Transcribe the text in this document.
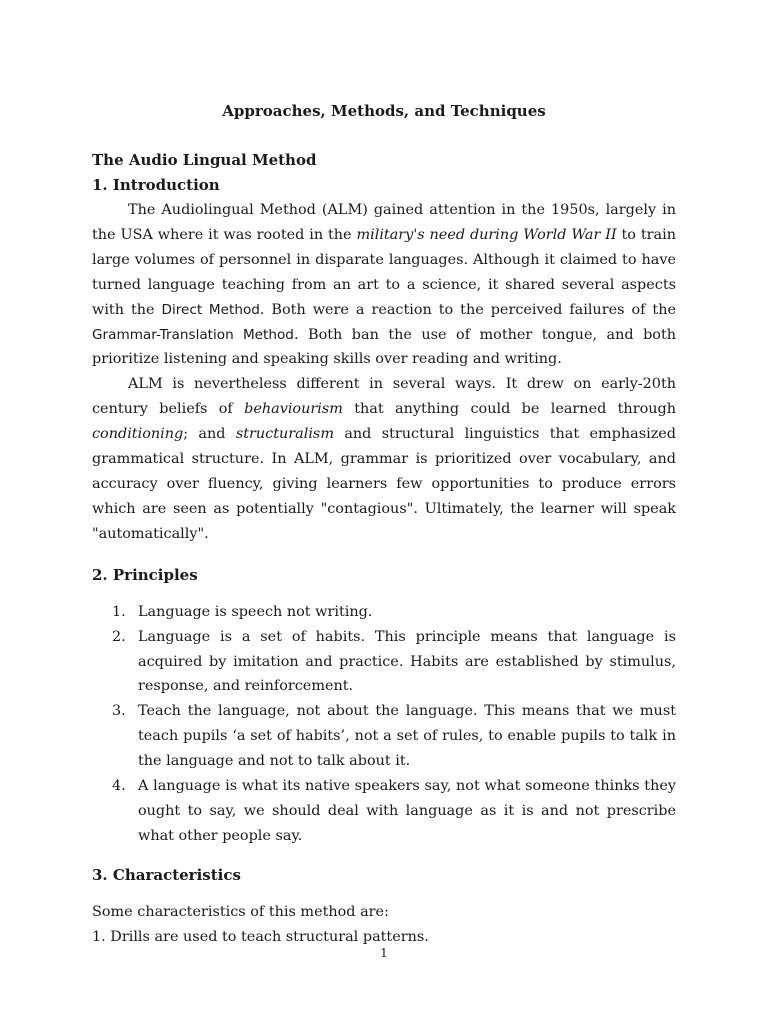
Approaches, Methods, and Techniques

The Audio Lingual Method

1. Introduction

The Audiolingual Method (ALM) gained attention in the 1950s, largely in the USA where it was rooted in the military's need during World War II to train large volumes of personnel in disparate languages. Although it claimed to have turned language teaching from an art to a science, it shared several aspects with the Direct Method. Both were a reaction to the perceived failures of the Grammar-Translation Method. Both ban the use of mother tongue, and both prioritize listening and speaking skills over reading and writing.

ALM is nevertheless different in several ways. It drew on early-20th century beliefs of behaviourism that anything could be learned through conditioning; and structuralism and structural linguistics that emphasized grammatical structure. In ALM, grammar is prioritized over vocabulary, and accuracy over fluency, giving learners few opportunities to produce errors which are seen as potentially "contagious". Ultimately, the learner will speak "automatically".

2. Principles

1. Language is speech not writing.
2. Language is a set of habits. This principle means that language is acquired by imitation and practice. Habits are established by stimulus, response, and reinforcement.
3. Teach the language, not about the language. This means that we must teach pupils ‘a set of habits’, not a set of rules, to enable pupils to talk in the language and not to talk about it.
4. A language is what its native speakers say, not what someone thinks they ought to say, we should deal with language as it is and not prescribe what other people say.

3. Characteristics

Some characteristics of this method are:

1. Drills are used to teach structural patterns.

1
